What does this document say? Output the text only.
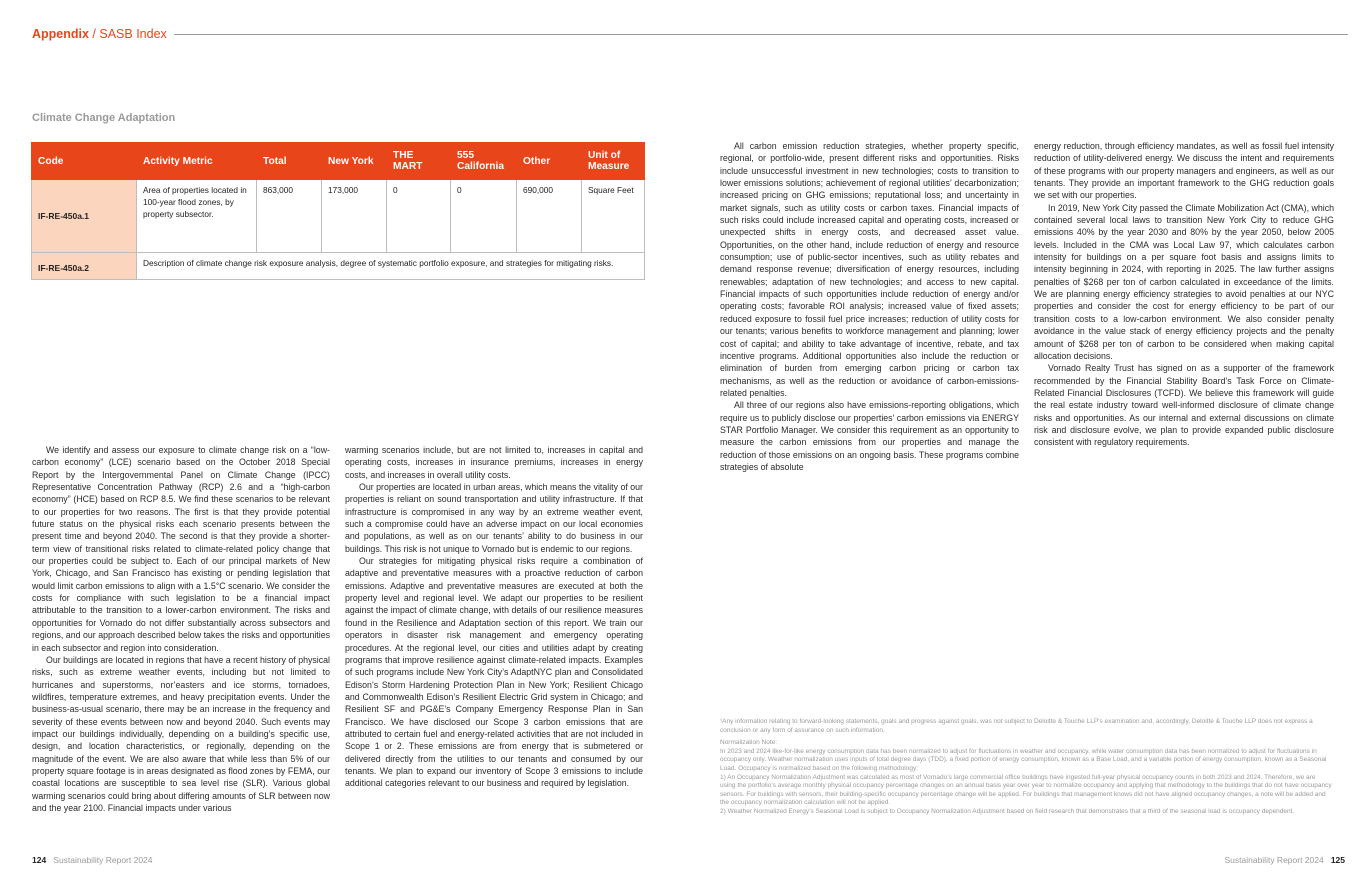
Appendix / SASB Index
Climate Change Adaptation
Code	Activity Metric	Total	New York	THE MART	555 California	Other	Unit of Measure
IF-RE-450a.1	Area of properties located in 100-year flood zones, by property subsector.	863,000	173,000	0	0	690,000	Square Feet
IF-RE-450a.2	Description of climate change risk exposure analysis, degree of systematic portfolio exposure, and strategies for mitigating risks.						

We identify and assess our exposure to climate change risk on a “low-carbon economy” (LCE) scenario based on the October 2018 Special Report by the Intergovernmental Panel on Climate Change (IPCC) Representative Concentration Pathway (RCP) 2.6 and a “high-carbon economy” (HCE) based on RCP 8.5. We find these scenarios to be relevant to our properties for two reasons. The first is that they provide potential future status on the physical risks each scenario presents between the present time and beyond 2040. The second is that they provide a shorter-term view of transitional risks related to climate-related policy change that our properties could be subject to. Each of our principal markets of New York, Chicago, and San Francisco has existing or pending legislation that would limit carbon emissions to align with a 1.5°C scenario. We consider the costs for compliance with such legislation to be a financial impact attributable to the transition to a lower-carbon environment. The risks and opportunities for Vornado do not differ substantially across subsectors and regions, and our approach described below takes the risks and opportunities in each subsector and region into consideration.

Our buildings are located in regions that have a recent history of physical risks, such as extreme weather events, including but not limited to hurricanes and superstorms, nor’easters and ice storms, tornadoes, wildfires, temperature extremes, and heavy precipitation events. Under the business-as-usual scenario, there may be an increase in the frequency and severity of these events between now and beyond 2040. Such events may impact our buildings individually, depending on a building’s specific use, design, and location characteristics, or regionally, depending on the magnitude of the event. We are also aware that while less than 5% of our property square footage is in areas designated as flood zones by FEMA, our coastal locations are susceptible to sea level rise (SLR). Various global warming scenarios could bring about differing amounts of SLR between now and the year 2100. Financial impacts under various

warming scenarios include, but are not limited to, increases in capital and operating costs, increases in insurance premiums, increases in energy costs, and increases in overall utility costs.

Our properties are located in urban areas, which means the vitality of our properties is reliant on sound transportation and utility infrastructure. If that infrastructure is compromised in any way by an extreme weather event, such a compromise could have an adverse impact on our local economies and populations, as well as on our tenants’ ability to do business in our buildings. This risk is not unique to Vornado but is endemic to our regions.

Our strategies for mitigating physical risks require a combination of adaptive and preventative measures with a proactive reduction of carbon emissions. Adaptive and preventative measures are executed at both the property level and regional level. We adapt our properties to be resilient against the impact of climate change, with details of our resilience measures found in the Resilience and Adaptation section of this report. We train our operators in disaster risk management and emergency operating procedures. At the regional level, our cities and utilities adapt by creating programs that improve resilience against climate-related impacts. Examples of such programs include New York City’s AdaptNYC plan and Consolidated Edison’s Storm Hardening Protection Plan in New York; Resilient Chicago and Commonwealth Edison’s Resilient Electric Grid system in Chicago; and Resilient SF and PG&E’s Company Emergency Response Plan in San Francisco. We have disclosed our Scope 3 carbon emissions that are attributed to certain fuel and energy-related activities that are not included in Scope 1 or 2. These emissions are from energy that is submetered or delivered directly from the utilities to our tenants and consumed by our tenants. We plan to expand our inventory of Scope 3 emissions to include additional categories relevant to our business and required by legislation.

All carbon emission reduction strategies, whether property specific, regional, or portfolio-wide, present different risks and opportunities. Risks include unsuccessful investment in new technologies; costs to transition to lower emissions solutions; achievement of regional utilities’ decarbonization; increased pricing on GHG emissions; reputational loss; and uncertainty in market signals, such as utility costs or carbon taxes. Financial impacts of such risks could include increased capital and operating costs, increased or unexpected shifts in energy costs, and decreased asset value. Opportunities, on the other hand, include reduction of energy and resource consumption; use of public-sector incentives, such as utility rebates and demand response revenue; diversification of energy resources, including renewables; adaptation of new technologies; and access to new capital. Financial impacts of such opportunities include reduction of energy and/or operating costs; favorable ROI analysis; increased value of fixed assets; reduced exposure to fossil fuel price increases; reduction of utility costs for our tenants; various benefits to workforce management and planning; lower cost of capital; and ability to take advantage of incentive, rebate, and tax incentive programs. Additional opportunities also include the reduction or elimination of burden from emerging carbon pricing or carbon tax mechanisms, as well as the reduction or avoidance of carbon-emissions-related penalties.

All three of our regions also have emissions-reporting obligations, which require us to publicly disclose our properties’ carbon emissions via ENERGY STAR Portfolio Manager. We consider this requirement as an opportunity to measure the carbon emissions from our properties and manage the reduction of those emissions on an ongoing basis. These programs combine strategies of absolute

energy reduction, through efficiency mandates, as well as fossil fuel intensity reduction of utility-delivered energy. We discuss the intent and requirements of these programs with our property managers and engineers, as well as our tenants. They provide an important framework to the GHG reduction goals we set with our properties.

In 2019, New York City passed the Climate Mobilization Act (CMA), which contained several local laws to transition New York City to reduce GHG emissions 40% by the year 2030 and 80% by the year 2050, below 2005 levels. Included in the CMA was Local Law 97, which calculates carbon intensity for buildings on a per square foot basis and assigns limits to intensity beginning in 2024, with reporting in 2025. The law further assigns penalties of $268 per ton of carbon calculated in exceedance of the limits. We are planning energy efficiency strategies to avoid penalties at our NYC properties and consider the cost for energy efficiency to be part of our transition costs to a low-carbon environment. We also consider penalty avoidance in the value stack of energy efficiency projects and the penalty amount of $268 per ton of carbon to be considered when making capital allocation decisions.

Vornado Realty Trust has signed on as a supporter of the framework recommended by the Financial Stability Board’s Task Force on Climate-Related Financial Disclosures (TCFD). We believe this framework will guide the real estate industry toward well-informed disclosure of climate change risks and opportunities. As our internal and external discussions on climate risk and disclosure evolve, we plan to provide expanded public disclosure consistent with regulatory requirements.

¹Any information relating to forward-looking statements, goals and progress against goals, was not subject to Deloitte & Touche LLP’s examination and, accordingly, Deloitte & Touche LLP does not express a conclusion or any form of assurance on such information.

Normalization Note:

In 2023 and 2024 like-for-like energy consumption data has been normalized to adjust for fluctuations in weather and occupancy, while water consumption data has been normalized to adjust for fluctuations in occupancy only. Weather normalization uses inputs of total degree days (TDD), a fixed portion of energy consumption, known as a Base Load, and a variable portion of energy consumption, known as a Seasonal Load. Occupancy is normalized based on the following methodology:

1) An Occupancy Normalization Adjustment was calculated as most of Vornado’s large commercial office buildings have ingested full-year physical occupancy counts in both 2023 and 2024. Therefore, we are using the portfolio’s average monthly physical occupancy percentage changes on an annual basis year over year to normalize occupancy and applying that methodology to the buildings that do not have occupancy sensors. For buildings with sensors, their building-specific occupancy percentage change will be applied. For buildings that management knows did not have aligned occupancy changes, a note will be added and the occupancy normalization calculation will not be applied.

2) Weather Normalized Energy’s Seasonal Load is subject to Occupancy Normalization Adjustment based on field research that demonstrates that a third of the seasonal load is occupancy dependent.

124 Sustainability Report 2024	Sustainability Report 2024 125
